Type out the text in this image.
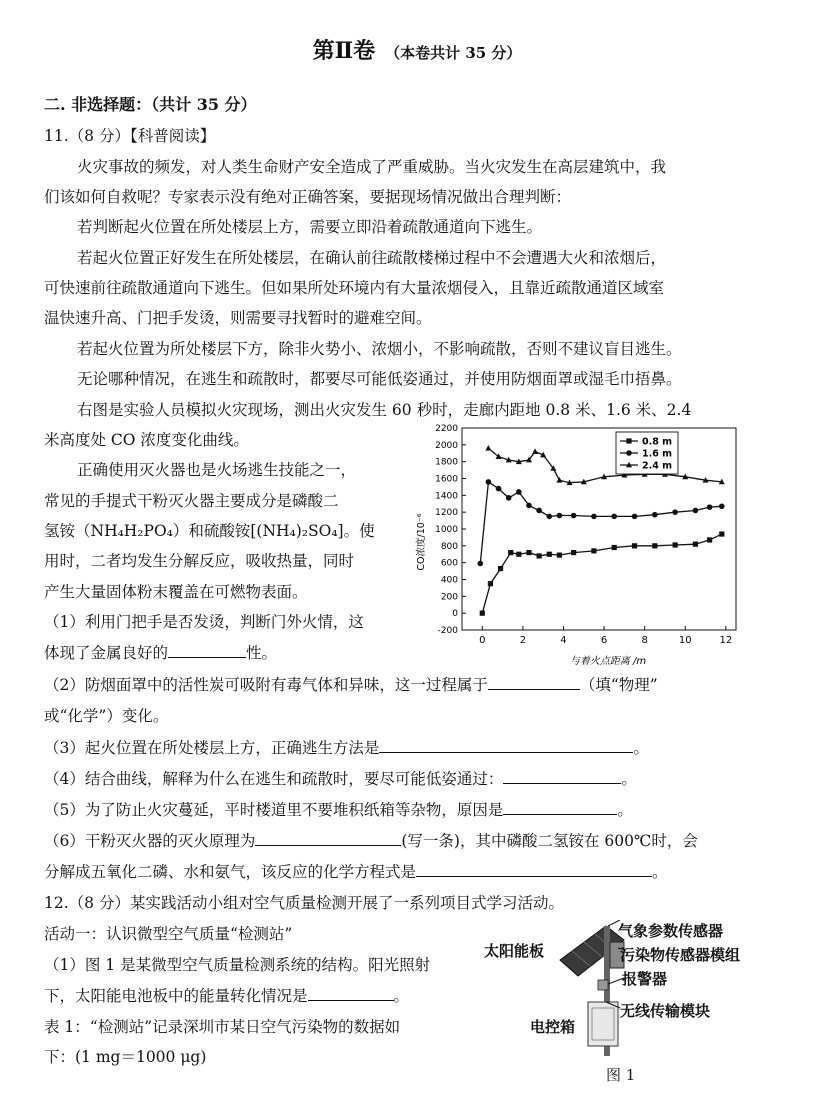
第Ⅱ卷 （本卷共计 35 分）
二. 非选择题：（共计 35 分）
11.（8 分）【科普阅读】
火灾事故的频发，对人类生命财产安全造成了严重威胁。当火灾发生在高层建筑中，我
们该如何自救呢？专家表示没有绝对正确答案，要据现场情况做出合理判断：
若判断起火位置在所处楼层上方，需要立即沿着疏散通道向下逃生。
若起火位置正好发生在所处楼层，在确认前往疏散楼梯过程中不会遭遇大火和浓烟后，
可快速前往疏散通道向下逃生。但如果所处环境内有大量浓烟侵入，且靠近疏散通道区域室
温快速升高、门把手发烫，则需要寻找暂时的避难空间。
若起火位置为所处楼层下方，除非火势小、浓烟小，不影响疏散，否则不建议盲目逃生。
无论哪种情况，在逃生和疏散时，都要尽可能低姿通过，并使用防烟面罩或湿毛巾捂鼻。
右图是实验人员模拟火灾现场，测出火灾发生 60 秒时，走廊内距地 0.8 米、1.6 米、2.4
米高度处 CO 浓度变化曲线。
正确使用灭火器也是火场逃生技能之一，
常见的手提式干粉灭火器主要成分是磷酸二
氢铵（NH₄H₂PO₄）和硫酸铵[(NH₄)₂SO₄]。使
用时，二者均发生分解反应，吸收热量，同时
产生大量固体粉末覆盖在可燃物表面。
（1）利用门把手是否发烫，判断门外火情，这
体现了金属良好的	性。
（2）防烟面罩中的活性炭可吸附有毒气体和异味，这一过程属于	（填“物理”
或“化学”）变化。
（3）起火位置在所处楼层上方，正确逃生方法是	。
（4）结合曲线，解释为什么在逃生和疏散时，要尽可能低姿通过：	。
（5）为了防止火灾蔓延，平时楼道里不要堆积纸箱等杂物，原因是	。
（6）干粉灭火器的灭火原理为	(写一条)，其中磷酸二氢铵在 600℃时，会
分解成五氧化二磷、水和氨气，该反应的化学方程式是	。
12.（8 分）某实践活动小组对空气质量检测开展了一系列项目式学习活动。
活动一：认识微型空气质量“检测站”
（1）图 1 是某微型空气质量检测系统的结构。阳光照射
下，太阳能电池板中的能量转化情况是	。
表 1：“检测站”记录深圳市某日空气污染物的数据如
下：(1 mg＝1000 μg)
-200
0
200
400
600
800
1000
1200
1400
1600
1800
2000
2200
0	2	4	6	8	10	12
0.8 m
1.6 m
2.4 m
与着火点距离 /m
CO浓度/10⁻⁶
气象参数传感器
太阳能板	污染物传感器模组
报警器
无线传输模块
电控箱
图 1
